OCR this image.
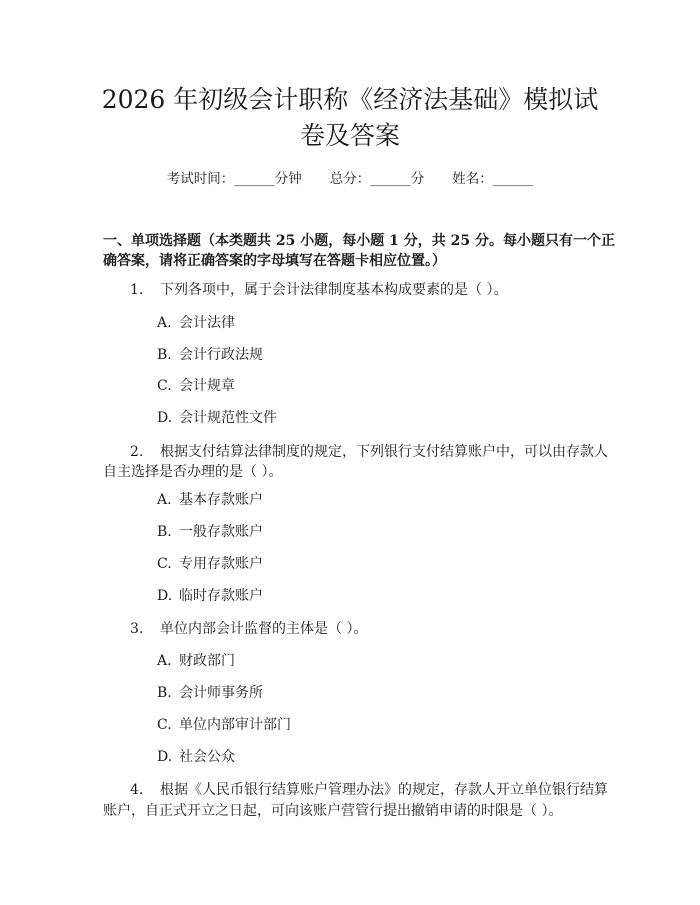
2026 年初级会计职称《经济法基础》模拟试
卷及答案
考试时间：______分钟 总分：______分 姓名：______
一、单项选择题（本类题共 25 小题，每小题 1 分，共 25 分。每小题只有一个正
确答案，请将正确答案的字母填写在答题卡相应位置。）
1. 下列各项中，属于会计法律制度基本构成要素的是（ ）。
A. 会计法律
B. 会计行政法规
C. 会计规章
D. 会计规范性文件
2. 根据支付结算法律制度的规定，下列银行支付结算账户中，可以由存款人
自主选择是否办理的是（ ）。
A. 基本存款账户
B. 一般存款账户
C. 专用存款账户
D. 临时存款账户
3. 单位内部会计监督的主体是（ ）。
A. 财政部门
B. 会计师事务所
C. 单位内部审计部门
D. 社会公众
4. 根据《人民币银行结算账户管理办法》的规定，存款人开立单位银行结算
账户，自正式开立之日起，可向该账户营管行提出撤销申请的时限是（ ）。
